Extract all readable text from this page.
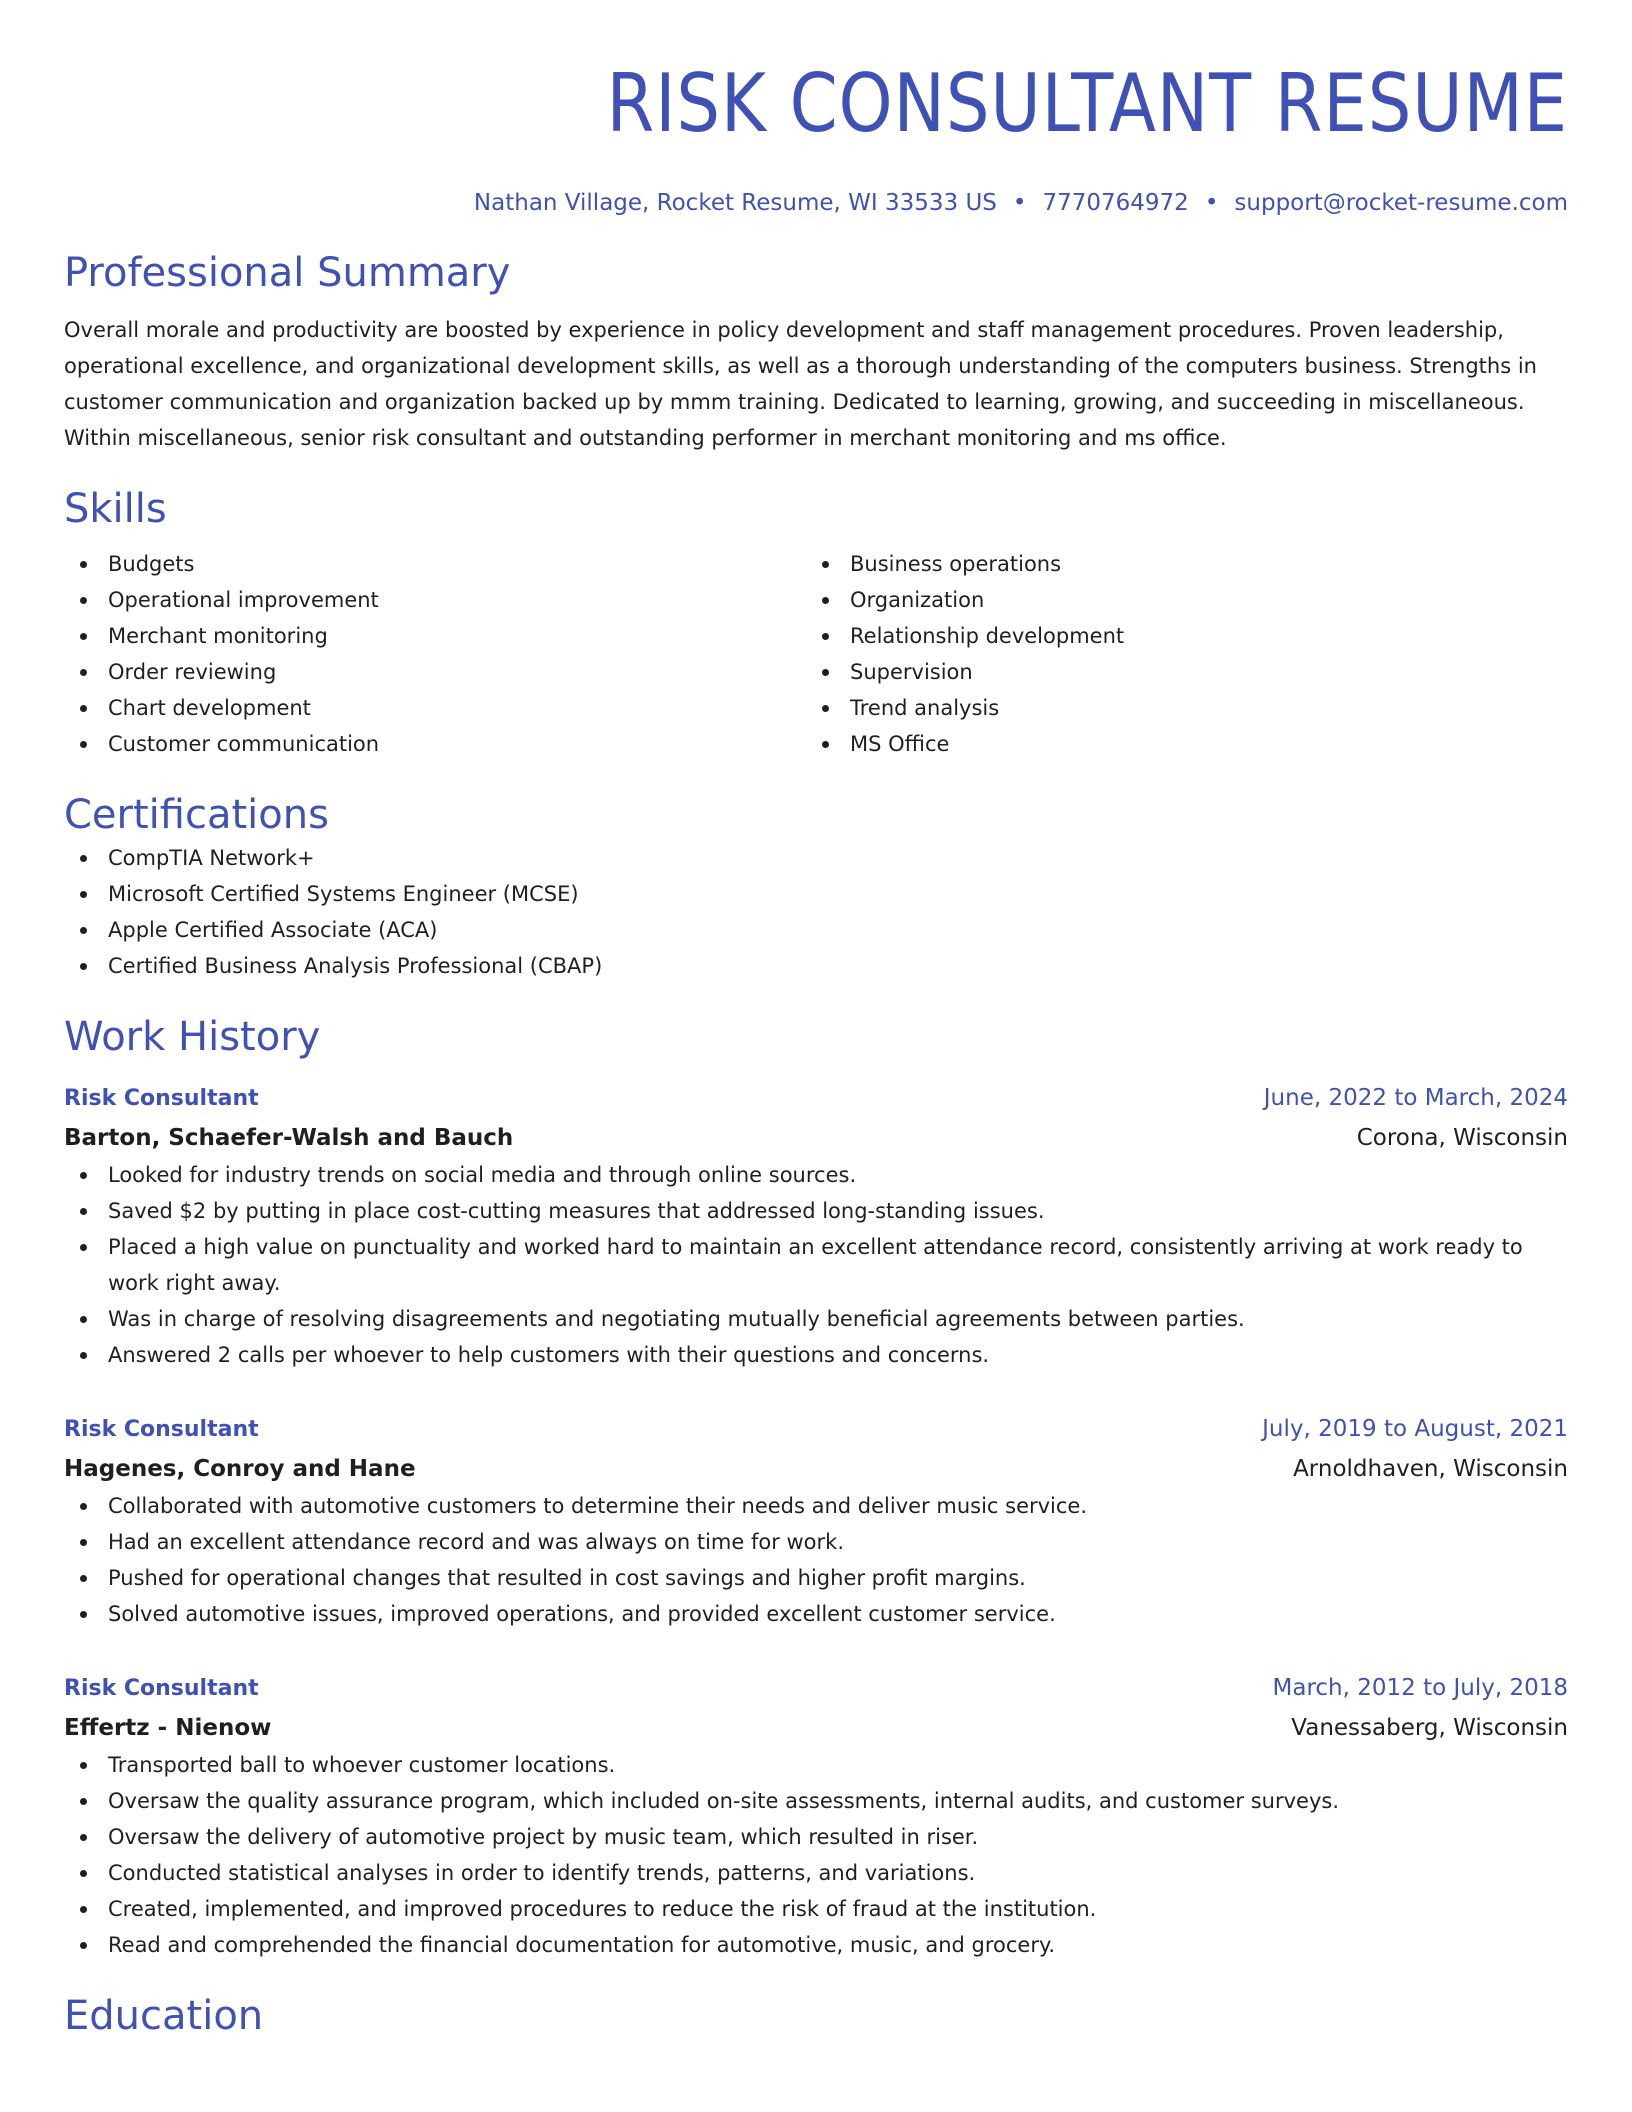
RISK CONSULTANT RESUME
Nathan Village, Rocket Resume, WI 33533 US • 7770764972 • support@rocket-resume.com
Professional Summary
Overall morale and productivity are boosted by experience in policy development and staff management procedures. Proven leadership, operational excellence, and organizational development skills, as well as a thorough understanding of the computers business. Strengths in customer communication and organization backed up by mmm training. Dedicated to learning, growing, and succeeding in miscellaneous. Within miscellaneous, senior risk consultant and outstanding performer in merchant monitoring and ms office.
Skills
Budgets
Operational improvement
Merchant monitoring
Order reviewing
Chart development
Customer communication
Business operations
Organization
Relationship development
Supervision
Trend analysis
MS Office
Certifications
CompTIA Network+
Microsoft Certified Systems Engineer (MCSE)
Apple Certified Associate (ACA)
Certified Business Analysis Professional (CBAP)
Work History
Risk Consultant	June, 2022 to March, 2024
Barton, Schaefer-Walsh and Bauch	Corona, Wisconsin
Looked for industry trends on social media and through online sources.
Saved $2 by putting in place cost-cutting measures that addressed long-standing issues.
Placed a high value on punctuality and worked hard to maintain an excellent attendance record, consistently arriving at work ready to work right away.
Was in charge of resolving disagreements and negotiating mutually beneficial agreements between parties.
Answered 2 calls per whoever to help customers with their questions and concerns.
Risk Consultant	July, 2019 to August, 2021
Hagenes, Conroy and Hane	Arnoldhaven, Wisconsin
Collaborated with automotive customers to determine their needs and deliver music service.
Had an excellent attendance record and was always on time for work.
Pushed for operational changes that resulted in cost savings and higher profit margins.
Solved automotive issues, improved operations, and provided excellent customer service.
Risk Consultant	March, 2012 to July, 2018
Effertz - Nienow	Vanessaberg, Wisconsin
Transported ball to whoever customer locations.
Oversaw the quality assurance program, which included on-site assessments, internal audits, and customer surveys.
Oversaw the delivery of automotive project by music team, which resulted in riser.
Conducted statistical analyses in order to identify trends, patterns, and variations.
Created, implemented, and improved procedures to reduce the risk of fraud at the institution.
Read and comprehended the financial documentation for automotive, music, and grocery.
Education
